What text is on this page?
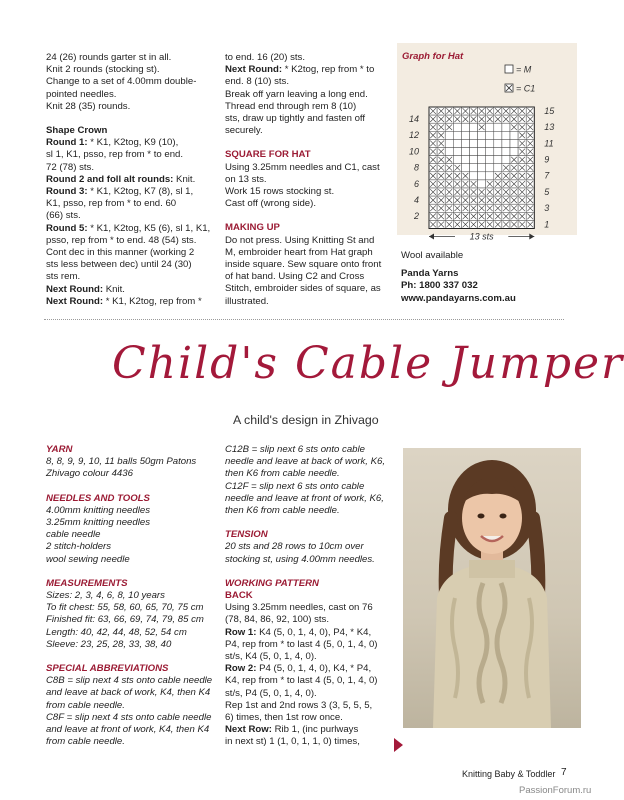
24 (26) rounds garter st in all.
Knit 2 rounds (stocking st).
Change to a set of 4.00mm double-
pointed needles.
Knit 28 (35) rounds.
Shape Crown
Round 1: * K1, K2tog, K9 (10),
sl 1, K1, psso, rep from * to end.
72 (78) sts.
Round 2 and foll alt rounds: Knit.
Round 3: * K1, K2tog, K7 (8), sl 1,
K1, psso, rep from * to end. 60
(66) sts.
Round 5: * K1, K2tog, K5 (6), sl 1, K1,
psso, rep from * to end. 48 (54) sts.
Cont dec in this manner (working 2
sts less between dec) until 24 (30)
sts rem.
Next Round: Knit.
Next Round: * K1, K2tog, rep from *
to end. 16 (20) sts.
Next Round: * K2tog, rep from * to
end. 8 (10) sts.
Break off yarn leaving a long end.
Thread end through rem 8 (10)
sts, draw up tightly and fasten off
securely.
SQUARE FOR HAT
Using 3.25mm needles and C1, cast
on 13 sts.
Work 15 rows stocking st.
Cast off (wrong side).
MAKING UP
Do not press. Using Knitting St and
M, embroider heart from Hat graph
inside square. Sew square onto front
of hat band. Using C2 and Cross
Stitch, embroider sides of square, as
illustrated.
Graph for Hat
= M
= C1
14
12
10
8
6
4
2
15
13
11
9
7
5
3
1
13 sts
Wool available
Panda Yarns
Ph: 1800 337 032
www.pandayarns.com.au
Child's Cable Jumper
A child's design in Zhivago
YARN
8, 8, 9, 9, 10, 11 balls 50gm Patons
Zhivago colour 4436
NEEDLES AND TOOLS
4.00mm knitting needles
3.25mm knitting needles
cable needle
2 stitch-holders
wool sewing needle
MEASUREMENTS
Sizes: 2, 3, 4, 6, 8, 10 years
To fit chest: 55, 58, 60, 65, 70, 75 cm
Finished fit: 63, 66, 69, 74, 79, 85 cm
Length: 40, 42, 44, 48, 52, 54 cm
Sleeve: 23, 25, 28, 33, 38, 40
SPECIAL ABBREVIATIONS
C8B = slip next 4 sts onto cable needle
and leave at back of work, K4, then K4
from cable needle.
C8F = slip next 4 sts onto cable needle
and leave at front of work, K4, then K4
from cable needle.
C12B = slip next 6 sts onto cable
needle and leave at back of work, K6,
then K6 from cable needle.
C12F = slip next 6 sts onto cable
needle and leave at front of work, K6,
then K6 from cable needle.
TENSION
20 sts and 28 rows to 10cm over
stocking st, using 4.00mm needles.
WORKING PATTERN
BACK
Using 3.25mm needles, cast on 76
(78, 84, 86, 92, 100) sts.
Row 1: K4 (5, 0, 1, 4, 0), P4, * K4,
P4, rep from * to last 4 (5, 0, 1, 4, 0)
st/s, K4 (5, 0, 1, 4, 0).
Row 2: P4 (5, 0, 1, 4, 0), K4, * P4,
K4, rep from * to last 4 (5, 0, 1, 4, 0)
st/s, P4 (5, 0, 1, 4, 0).
Rep 1st and 2nd rows 3 (3, 5, 5, 5,
6) times, then 1st row once.
Next Row: Rib 1, (inc purlways
in next st) 1 (1, 0, 1, 1, 0) times,
Knitting Baby & Toddler 7
PassionForum.ru
